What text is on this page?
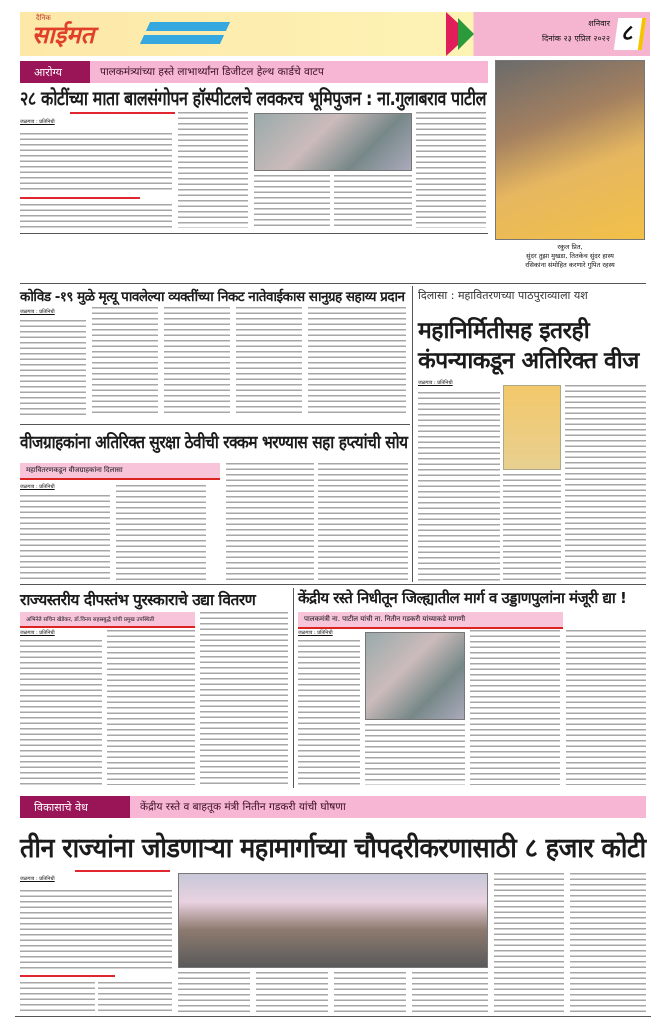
दैनिक
साईमत	शनिवार
दिनांक २३ एप्रिल २०२२ ८
आरोग्य	पालकमंत्र्यांच्या हस्ते लाभार्थ्यांना डिजीटल हेल्थ कार्डचे वाटप
२८ कोटींच्या माता बालसंगोपन हॉस्पीटलचे लवकरच भूमिपुजन : ना.गुलाबराव पाटील
जळगाव : प्रतिनिधी
रकुल प्रित,
सुंदर तुझा मुखडा, तितकेच सुंदर हास्य
रसिकांना संमोहित करणारे गुपित रहस्य
कोविड -१९ मुळे मृत्यू पावलेल्या व्यक्तींच्या निकट नातेवाईकास सानुग्रह सहाय्य प्रदान
जळगाव : प्रतिनिधी
दिलासा : महावितरणच्या पाठपुराव्याला यश
महानिर्मितीसह इतरही
कंपन्याकडून अतिरिक्त वीज
जळगाव : प्रतिनिधी
वीजग्राहकांना अतिरिक्त सुरक्षा ठेवीची रक्कम भरण्यास सहा हप्त्यांची सोय
महावितरणकडून वीजग्राहकांना दिलासा
जळगाव : प्रतिनिधी
राज्यस्तरीय दीपस्तंभ पुरस्काराचे उद्या वितरण
अभिनेते सचिन खेडेकर, डॉ.विनय सहस्रबुद्धे यांची प्रमुख उपस्थिती
जळगाव : प्रतिनिधी
केंद्रीय रस्ते निधीतून जिल्ह्यातील मार्ग व उड्डाणपुलांना मंजूरी द्या !
पालकमंत्री ना. पाटील यांची ना. नितीन गडकरी यांच्याकडे मागणी
जळगाव : प्रतिनिधी
विकासाचे वेध	केंद्रीय रस्ते व बाहतूक मंत्री नितीन गडकरी यांची घोषणा
तीन राज्यांना जोडणाऱ्या महामार्गाच्या चौपदरीकरणासाठी ८ हजार कोटी
जळगाव : प्रतिनिधी
